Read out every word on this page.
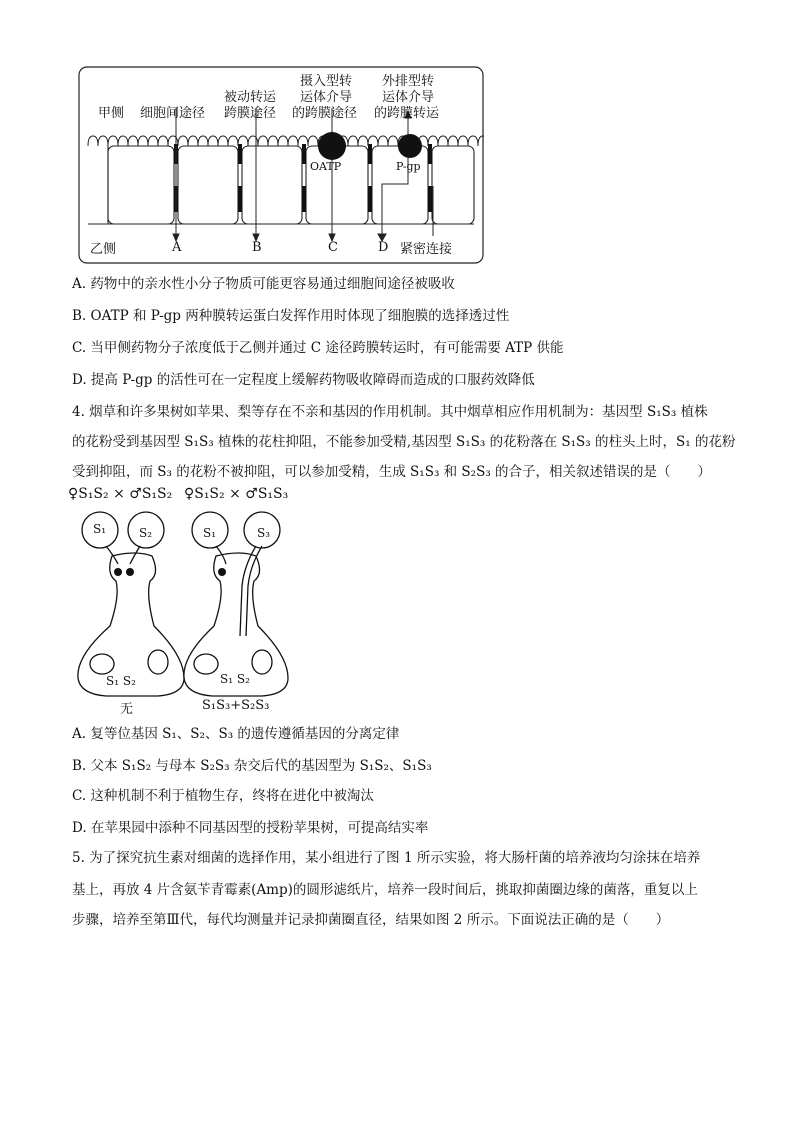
甲侧 细胞间途径
被动转运
跨膜途径
摄入型转
运体介导
的跨膜途径
外排型转
运体介导
的跨膜转运
OATP	P-gp
乙侧	A	B	C	D 紧密连接
A. 药物中的亲水性小分子物质可能更容易通过细胞间途径被吸收
B. OATP 和 P-gp 两种膜转运蛋白发挥作用时体现了细胞膜的选择透过性
C. 当甲侧药物分子浓度低于乙侧并通过 C 途径跨膜转运时，有可能需要 ATP 供能
D. 提高 P-gp 的活性可在一定程度上缓解药物吸收障碍而造成的口服药效降低
4. 烟草和许多果树如苹果、梨等存在不亲和基因的作用机制。其中烟草相应作用机制为：基因型 S₁S₃ 植株
的花粉受到基因型 S₁S₃ 植株的花柱抑阻，不能参加受精,基因型 S₁S₃ 的花粉落在 S₁S₃ 的柱头上时，S₁ 的花粉
受到抑阻，而 S₃ 的花粉不被抑阻，可以参加受精，生成 S₁S₃ 和 S₂S₃ 的合子，相关叙述错误的是（　　）
♀S₁S₂ × ♂S₁S₂ ♀S₁S₂ × ♂S₁S₃
S₁	S₂	S₁	S₃
S₁ S₂	S₁ S₂
无	S₁S₃+S₂S₃
A. 复等位基因 S₁、S₂、S₃ 的遗传遵循基因的分离定律
B. 父本 S₁S₂ 与母本 S₂S₃ 杂交后代的基因型为 S₁S₂、S₁S₃
C. 这种机制不利于植物生存，终将在进化中被淘汰
D. 在苹果园中添种不同基因型的授粉苹果树，可提高结实率
5. 为了探究抗生素对细菌的选择作用，某小组进行了图 1 所示实验，将大肠杆菌的培养液均匀涂抹在培养
基上，再放 4 片含氨苄青霉素(Amp)的圆形滤纸片，培养一段时间后，挑取抑菌圈边缘的菌落，重复以上
步骤，培养至第Ⅲ代，每代均测量并记录抑菌圈直径，结果如图 2 所示。下面说法正确的是（　　）
